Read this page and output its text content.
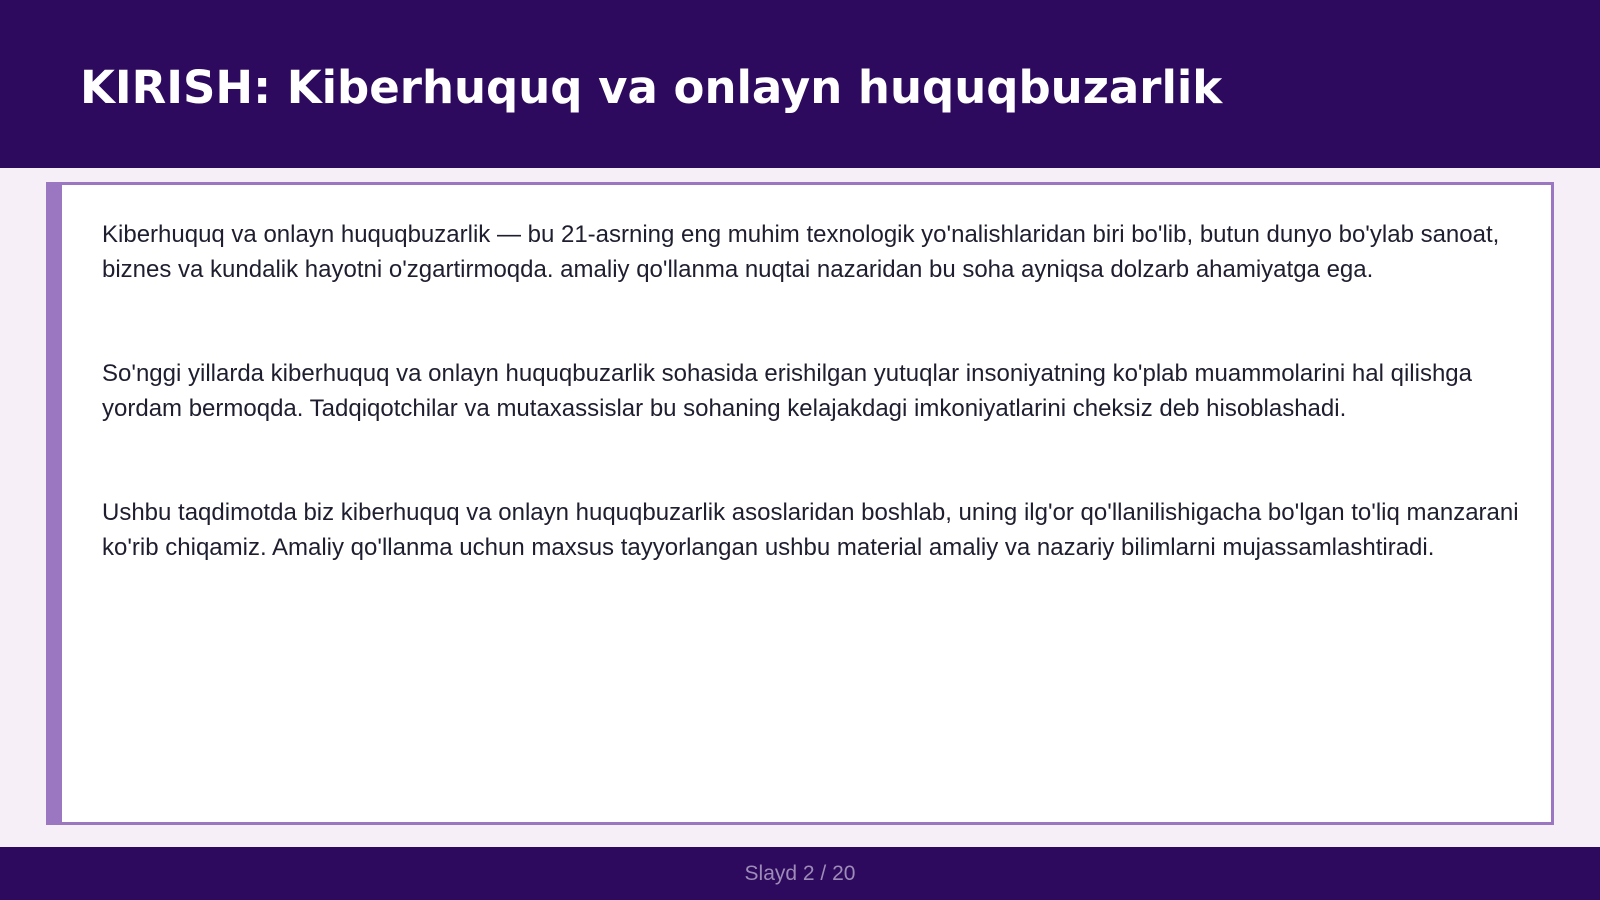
KIRISH: Kiberhuquq va onlayn huquqbuzarlik

Kiberhuquq va onlayn huquqbuzarlik — bu 21-asrning eng muhim texnologik yo'nalishlaridan biri bo'lib, butun dunyo bo'ylab sanoat, biznes va kundalik hayotni o'zgartirmoqda. amaliy qo'llanma nuqtai nazaridan bu soha ayniqsa dolzarb ahamiyatga ega.

So'nggi yillarda kiberhuquq va onlayn huquqbuzarlik sohasida erishilgan yutuqlar insoniyatning ko'plab muammolarini hal qilishga yordam bermoqda. Tadqiqotchilar va mutaxassislar bu sohaning kelajakdagi imkoniyatlarini cheksiz deb hisoblashadi.

Ushbu taqdimotda biz kiberhuquq va onlayn huquqbuzarlik asoslaridan boshlab, uning ilg'or qo'llanilishigacha bo'lgan to'liq manzarani ko'rib chiqamiz. Amaliy qo'llanma uchun maxsus tayyorlangan ushbu material amaliy va nazariy bilimlarni mujassamlashtiradi.

Slayd 2 / 20
